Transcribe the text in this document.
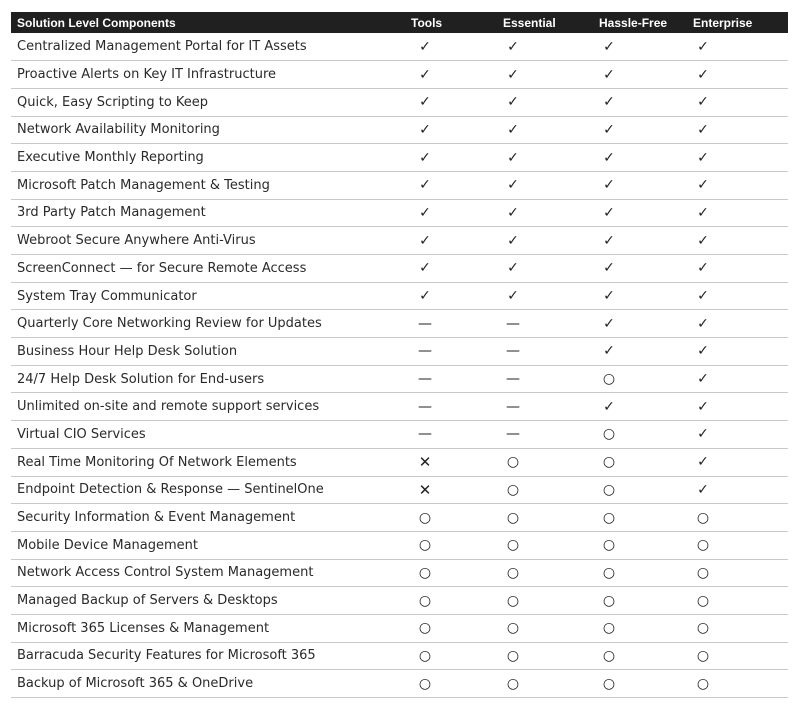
Solution Level Components	Tools	Essential	Hassle-Free	Enterprise
Centralized Management Portal for IT Assets	✓	✓	✓	✓
Proactive Alerts on Key IT Infrastructure	✓	✓	✓	✓
Quick, Easy Scripting to Keep	✓	✓	✓	✓
Network Availability Monitoring	✓	✓	✓	✓
Executive Monthly Reporting	✓	✓	✓	✓
Microsoft Patch Management & Testing	✓	✓	✓	✓
3rd Party Patch Management	✓	✓	✓	✓
Webroot Secure Anywhere Anti-Virus	✓	✓	✓	✓
ScreenConnect — for Secure Remote Access	✓	✓	✓	✓
System Tray Communicator	✓	✓	✓	✓
Quarterly Core Networking Review for Updates	—	—	✓	✓
Business Hour Help Desk Solution	—	—	✓	✓
24/7 Help Desk Solution for End-users	—	—	○	✓
Unlimited on-site and remote support services	—	—	✓	✓
Virtual CIO Services	—	—	○	✓
Real Time Monitoring Of Network Elements	✕	○	○	✓
Endpoint Detection & Response — SentinelOne	✕	○	○	✓
Security Information & Event Management	○	○	○	○
Mobile Device Management	○	○	○	○
Network Access Control System Management	○	○	○	○
Managed Backup of Servers & Desktops	○	○	○	○
Microsoft 365 Licenses & Management	○	○	○	○
Barracuda Security Features for Microsoft 365	○	○	○	○
Backup of Microsoft 365 & OneDrive	○	○	○	○
